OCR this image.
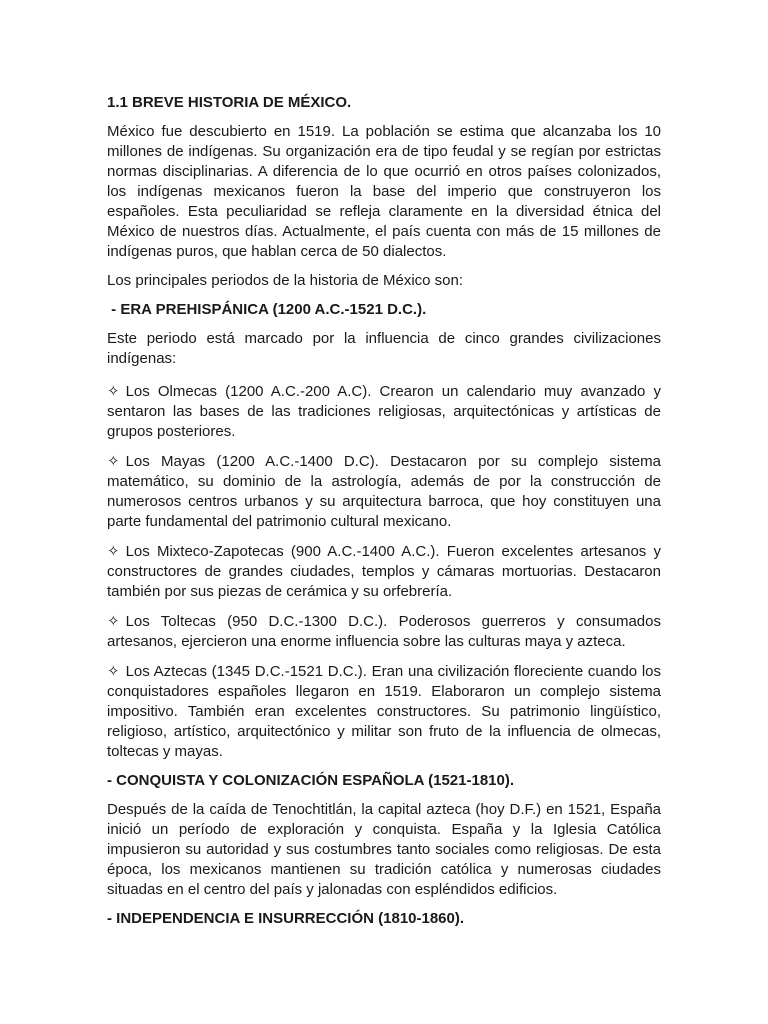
1.1 BREVE HISTORIA DE MÉXICO.

México fue descubierto en 1519. La población se estima que alcanzaba los 10 millones de indígenas. Su organización era de tipo feudal y se regían por estrictas normas disciplinarias. A diferencia de lo que ocurrió en otros países colonizados, los indígenas mexicanos fueron la base del imperio que construyeron los españoles. Esta peculiaridad se refleja claramente en la diversidad étnica del México de nuestros días. Actualmente, el país cuenta con más de 15 millones de indígenas puros, que hablan cerca de 50 dialectos.

Los principales periodos de la historia de México son:

- ERA PREHISPÁNICA (1200 A.C.-1521 D.C.).

Este periodo está marcado por la influencia de cinco grandes civilizaciones indígenas:

✧ Los Olmecas (1200 A.C.-200 A.C). Crearon un calendario muy avanzado y sentaron las bases de las tradiciones religiosas, arquitectónicas y artísticas de grupos posteriores.

✧ Los Mayas (1200 A.C.-1400 D.C). Destacaron por su complejo sistema matemático, su dominio de la astrología, además de por la construcción de numerosos centros urbanos y su arquitectura barroca, que hoy constituyen una parte fundamental del patrimonio cultural mexicano.

✧ Los Mixteco-Zapotecas (900 A.C.-1400 A.C.). Fueron excelentes artesanos y constructores de grandes ciudades, templos y cámaras mortuorias. Destacaron también por sus piezas de cerámica y su orfebrería.

✧ Los Toltecas (950 D.C.-1300 D.C.). Poderosos guerreros y consumados artesanos, ejercieron una enorme influencia sobre las culturas maya y azteca.

✧ Los Aztecas (1345 D.C.-1521 D.C.). Eran una civilización floreciente cuando los conquistadores españoles llegaron en 1519. Elaboraron un complejo sistema impositivo. También eran excelentes constructores. Su patrimonio lingüístico, religioso, artístico, arquitectónico y militar son fruto de la influencia de olmecas, toltecas y mayas.

- CONQUISTA Y COLONIZACIÓN ESPAÑOLA (1521-1810).

Después de la caída de Tenochtitlán, la capital azteca (hoy D.F.) en 1521, España inició un período de exploración y conquista. España y la Iglesia Católica impusieron su autoridad y sus costumbres tanto sociales como religiosas. De esta época, los mexicanos mantienen su tradición católica y numerosas ciudades situadas en el centro del país y jalonadas con espléndidos edificios.

- INDEPENDENCIA E INSURRECCIÓN (1810-1860).
